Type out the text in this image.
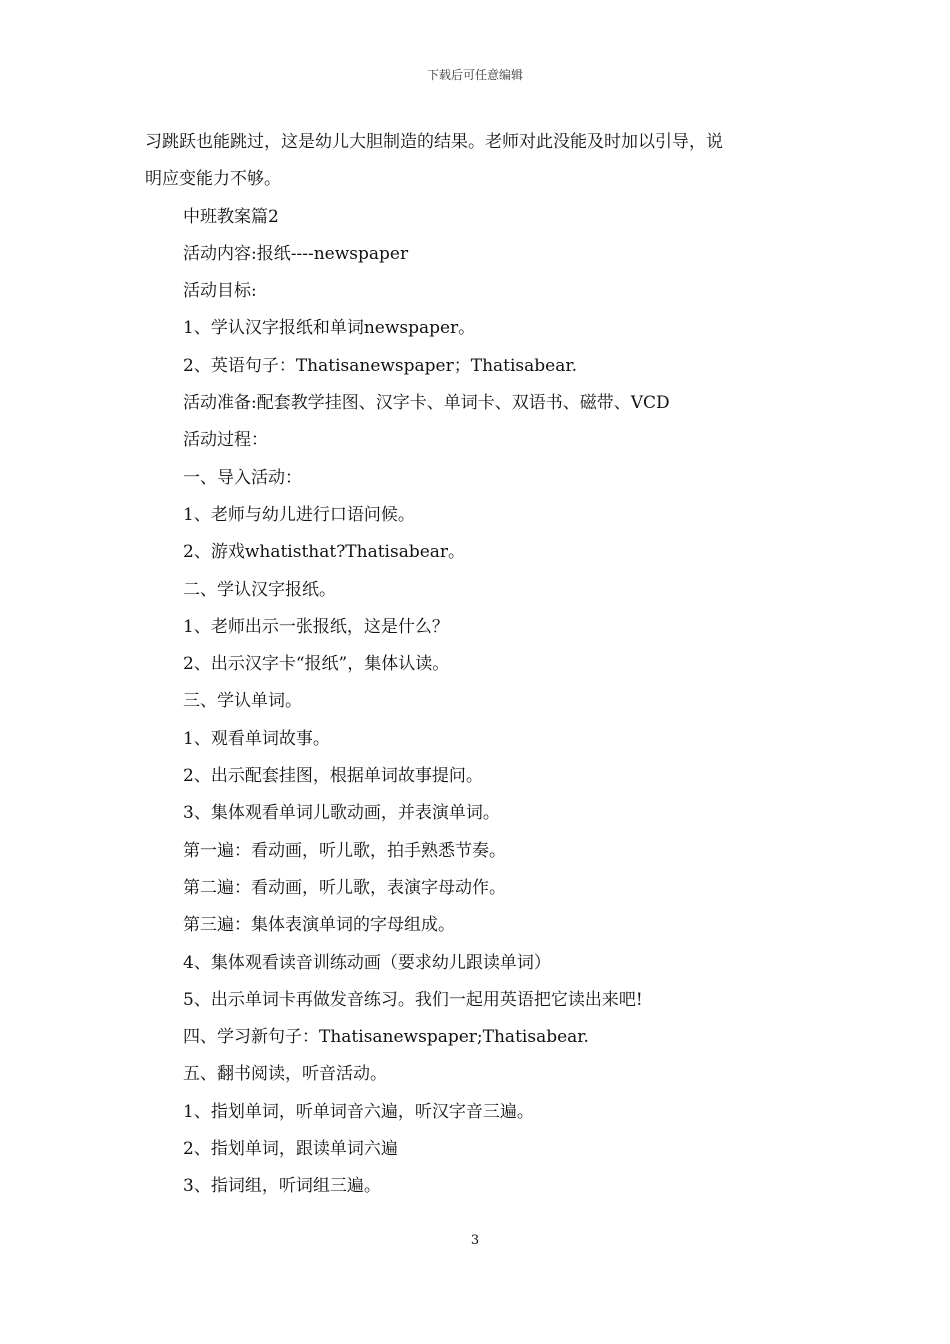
下载后可任意编辑

习跳跃也能跳过，这是幼儿大胆制造的结果。老师对此没能及时加以引导，说

明应变能力不够。

中班教案篇2

活动内容:报纸----newspaper

活动目标:

1、学认汉字报纸和单词newspaper。

2、英语句子：Thatisanewspaper；Thatisabear.

活动准备:配套教学挂图、汉字卡、单词卡、双语书、磁带、VCD

活动过程：

一、导入活动：

1、老师与幼儿进行口语问候。

2、游戏whatisthat?Thatisabear。

二、学认汉字报纸。

1、老师出示一张报纸，这是什么？

2、出示汉字卡“报纸”，集体认读。

三、学认单词。

1、观看单词故事。

2、出示配套挂图，根据单词故事提问。

3、集体观看单词儿歌动画，并表演单词。

第一遍：看动画，听儿歌，拍手熟悉节奏。

第二遍：看动画，听儿歌，表演字母动作。

第三遍：集体表演单词的字母组成。

4、集体观看读音训练动画（要求幼儿跟读单词）

5、出示单词卡再做发音练习。我们一起用英语把它读出来吧!

四、学习新句子：Thatisanewspaper;Thatisabear.

五、翻书阅读，听音活动。

1、指划单词，听单词音六遍，听汉字音三遍。

2、指划单词，跟读单词六遍

3、指词组，听词组三遍。

3
